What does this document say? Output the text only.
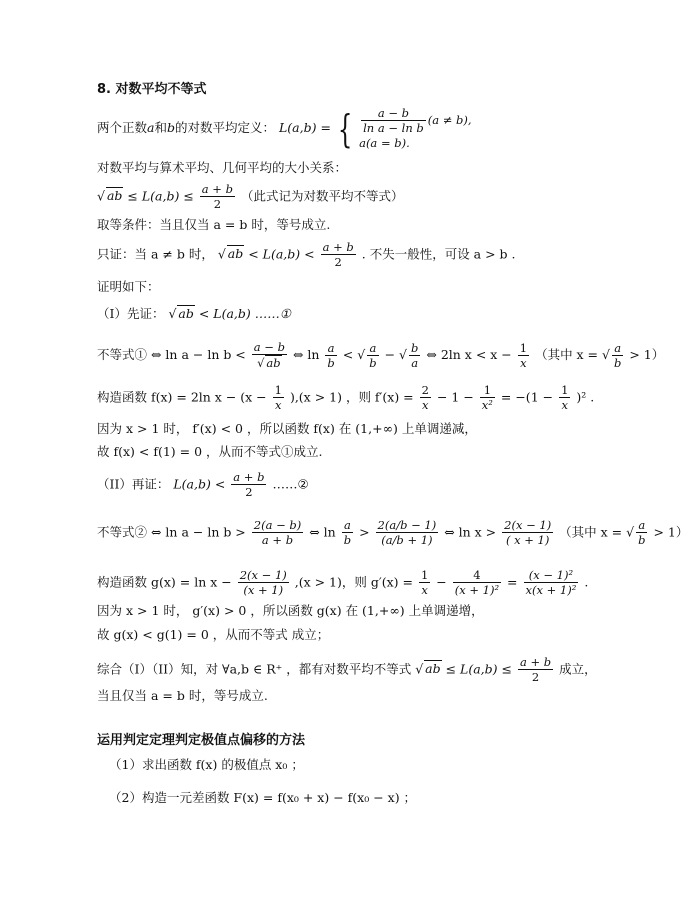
8. 对数平均不等式
两个正数a和b的对数平均定义： L(a,b) = { $\frac{a - b}{\text{ln a − ln b}} (a \ne b)$,
a(a = b).
对数平均与算术平均、几何平均的大小关系：
√ ab ≤ $L(a,b) \le \frac{a + b}{2}$ （此式记为对数平均不等式）
取等条件：当且仅当 a = b 时，等号成立.
只证：当 a ≠ b 时， √ ab < $L(a,b) < \frac{a + b}{2}$ . 不失一般性，可设 a > b .
证明如下：
（I）先证： √ ab < L(a,b) ……①
不等式① ⇔ $\ln a - \ln b < \frac{a - b}{√ ab}$ ⇔ $\ln \frac{a}{b}$ < √ $\frac{a}{b}$ − √ $\frac{b}{a}$ ⇔ 2ln $x < x - \frac{1}{x}$ （其中 x = √ $\frac{a}{b} > 1$）
构造函数 f(x) = 2ln $x - (x - \frac{1}{x} ),(x > 1)$ ，则 $f'(x) = \frac{2}{x} - 1 - \frac{1}{\text{x²}} = -(1 - \frac{1}{x} )^2$ .
因为 x > 1 时， f′(x) < 0 ，所以函数 f(x) 在 (1,+∞) 上单调递减，
故 f(x) < f(1) = 0 ，从而不等式①成立.
（II）再证： $L(a,b) < \frac{a + b}{2}$ ……②
不等式② ⇔ $\ln a - \ln b > \frac{2(a - b)}{a + b}$ ⇔ $\ln \frac{a}{b} > \frac{2(a/b - 1)}{(a/b + 1)}$ ⇔ $\ln x > \frac{2(x - 1)}{( x + 1)}$ （其中 x = √ $\frac{a}{b} > 1$）
构造函数 $g(x) = \ln x - \frac{2(x - 1)}{(x + 1)} ,(x > 1)$，则 $g'(x) = \frac{1}{x} - \frac{4}{\text{(x + 1)²}} = \frac{\text{(x − 1)²}}{\text{x(x + 1)²}}$ .
因为 x > 1 时， g′(x) > 0 ，所以函数 g(x) 在 (1,+∞) 上单调递增，
故 g(x) < g(1) = 0 ，从而不等式 成立；
综合（I）（II）知，对 ∀a,b ∈ R⁺ ，都有对数平均不等式 √ ab ≤ $L(a,b) \le \frac{a + b}{2}$ 成立，
当且仅当 a = b 时，等号成立.
运用判定定理判定极值点偏移的方法
（1）求出函数 f(x) 的极值点 x₀ ；
（2）构造一元差函数 F(x) = f(x₀ + x) − f(x₀ − x) ；
